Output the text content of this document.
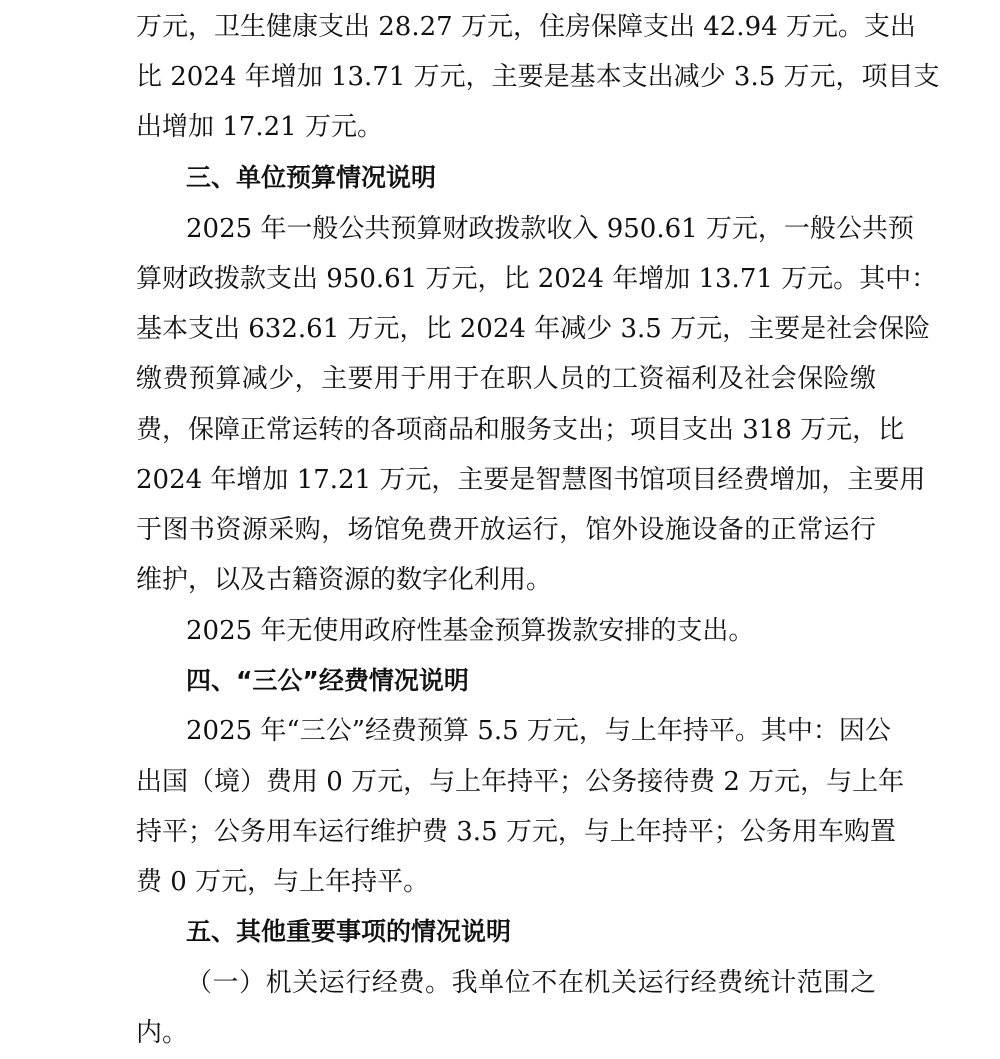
万元，卫生健康支出 28.27 万元，住房保障支出 42.94 万元。支出
比 2024 年增加 13.71 万元，主要是基本支出减少 3.5 万元，项目支
出增加 17.21 万元。
三、单位预算情况说明
2025 年一般公共预算财政拨款收入 950.61 万元，一般公共预
算财政拨款支出 950.61 万元，比 2024 年增加 13.71 万元。其中：
基本支出 632.61 万元，比 2024 年减少 3.5 万元，主要是社会保险
缴费预算减少，主要用于用于在职人员的工资福利及社会保险缴
费，保障正常运转的各项商品和服务支出；项目支出 318 万元，比
2024 年增加 17.21 万元，主要是智慧图书馆项目经费增加，主要用
于图书资源采购，场馆免费开放运行，馆外设施设备的正常运行
维护，以及古籍资源的数字化利用。
2025 年无使用政府性基金预算拨款安排的支出。
四、“三公”经费情况说明
2025 年“三公”经费预算 5.5 万元，与上年持平。其中：因公
出国（境）费用 0 万元，与上年持平；公务接待费 2 万元，与上年
持平；公务用车运行维护费 3.5 万元，与上年持平；公务用车购置
费 0 万元，与上年持平。
五、其他重要事项的情况说明
（一）机关运行经费。我单位不在机关运行经费统计范围之
内。
